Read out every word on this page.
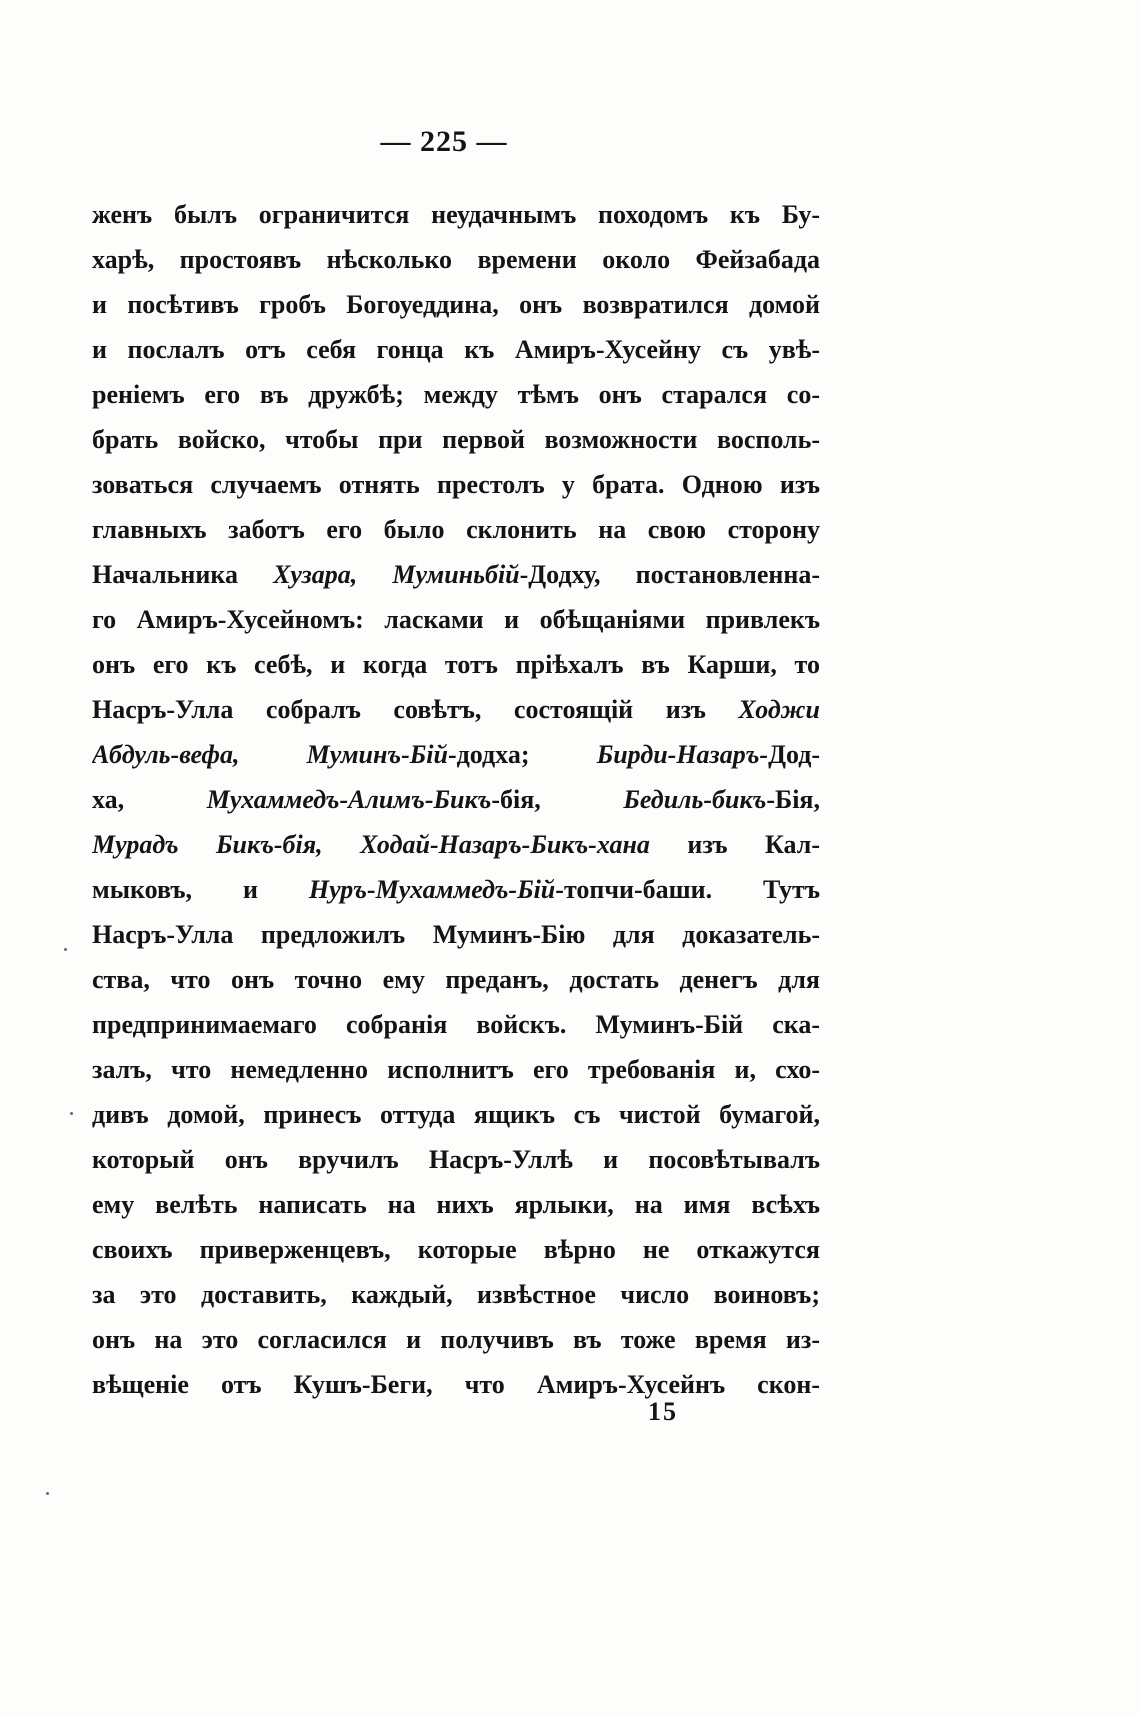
— 225 —
женъ былъ ограничится неудачнымъ походомъ къ Бу-
харѣ, простоявъ нѣсколько времени около Фейзабада
и посѣтивъ гробъ Богоуеддина, онъ возвратился домой
и послалъ отъ себя гонца къ Амиръ-Хусейну съ увѣ-
реніемъ его въ дружбѣ; между тѣмъ онъ старался со-
брать войско, чтобы при первой возможности восполь-
зоваться случаемъ отнять престолъ у брата. Одною изъ
главныхъ заботъ его было склонить на свою сторону
Начальника Хузара, Муминьбій-Додху, постановленна-
го Амиръ-Хусейномъ: ласками и обѣщаніями привлекъ
онъ его къ себѣ, и когда тотъ пріѣхалъ въ Карши, то
Насръ-Улла собралъ совѣтъ, состоящій изъ Ходжи
Абдуль-вефа, Муминъ-Бій-додха; Бирди-Назаръ-Дод-
ха, Мухаммедъ-Алимъ-Бикъ-бія, Бедиль-бикъ-Бія,
Мурадъ Бикъ-бія, Ходай-Назаръ-Бикъ-хана изъ Кал-
мыковъ, и Нуръ-Мухаммедъ-Бій-топчи-баши. Тутъ
Насръ-Улла предложилъ Муминъ-Бію для доказатель-
ства, что онъ точно ему преданъ, достать денегъ для
предпринимаемаго собранія войскъ. Муминъ-Бій ска-
залъ, что немедленно исполнитъ его требованія и, схо-
дивъ домой, принесъ оттуда ящикъ съ чистой бумагой,
который онъ вручилъ Насръ-Уллѣ и посовѣтывалъ
ему велѣть написать на нихъ ярлыки, на имя всѣхъ
своихъ приверженцевъ, которые вѣрно не откажутся
за это доставить, каждый, извѣстное число воиновъ;
онъ на это согласился и получивъ въ тоже время из-
вѣщеніе отъ Кушъ-Беги, что Амиръ-Хусейнъ скон-
15
